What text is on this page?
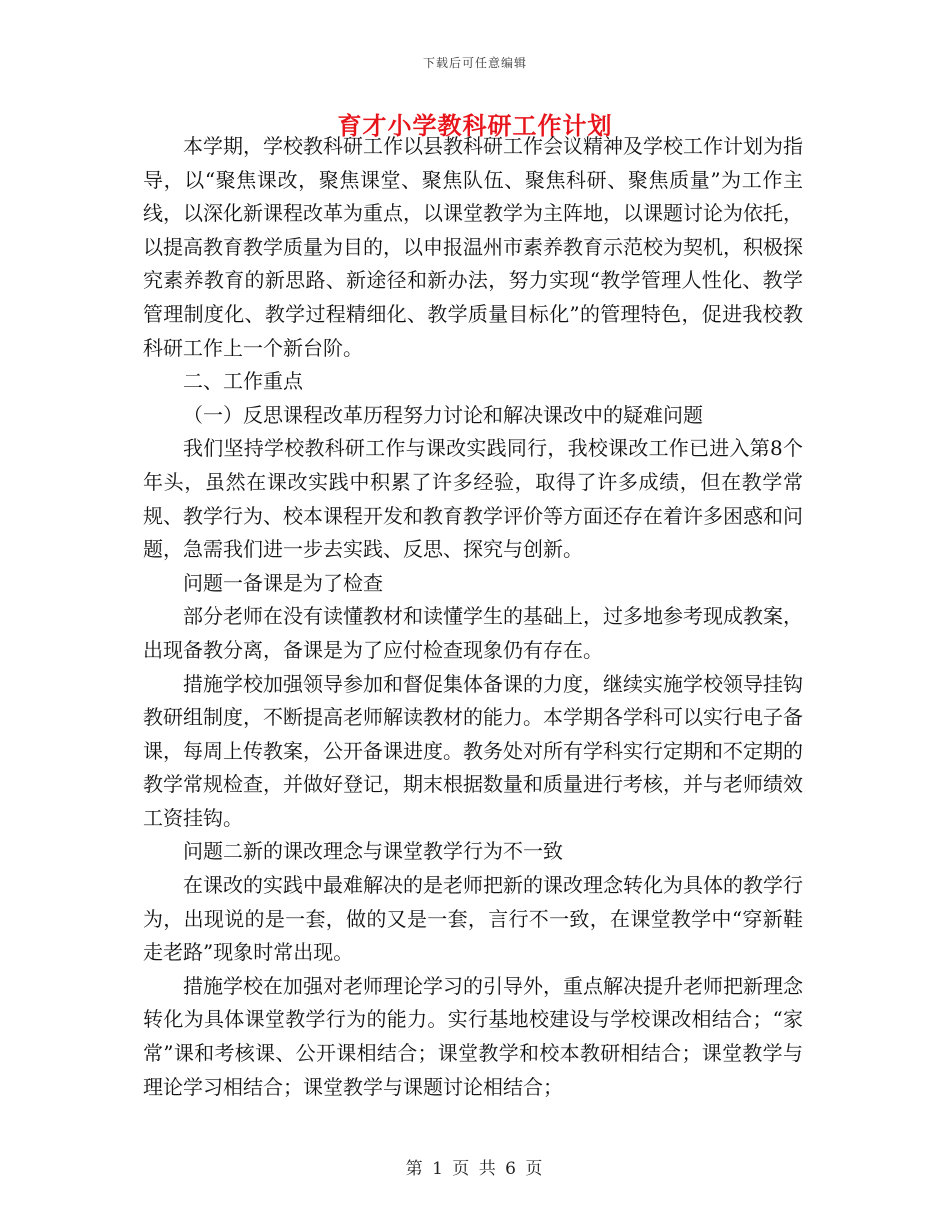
下载后可任意编辑
育才小学教科研工作计划

本学期，学校教科研工作以县教科研工作会议精神及学校工作计划为指导，以“聚焦课改，聚焦课堂、聚焦队伍、聚焦科研、聚焦质量”为工作主线，以深化新课程改革为重点，以课堂教学为主阵地，以课题讨论为依托，以提高教育教学质量为目的，以申报温州市素养教育示范校为契机，积极探究素养教育的新思路、新途径和新办法，努力实现“教学管理人性化、教学管理制度化、教学过程精细化、教学质量目标化”的管理特色，促进我校教科研工作上一个新台阶。

二、工作重点

（一）反思课程改革历程努力讨论和解决课改中的疑难问题

我们坚持学校教科研工作与课改实践同行，我校课改工作已进入第8个年头，虽然在课改实践中积累了许多经验，取得了许多成绩，但在教学常规、教学行为、校本课程开发和教育教学评价等方面还存在着许多困惑和问题，急需我们进一步去实践、反思、探究与创新。

问题一备课是为了检查

部分老师在没有读懂教材和读懂学生的基础上，过多地参考现成教案，出现备教分离，备课是为了应付检查现象仍有存在。

措施学校加强领导参加和督促集体备课的力度，继续实施学校领导挂钩教研组制度，不断提高老师解读教材的能力。本学期各学科可以实行电子备课，每周上传教案，公开备课进度。教务处对所有学科实行定期和不定期的教学常规检查，并做好登记，期末根据数量和质量进行考核，并与老师绩效工资挂钩。

问题二新的课改理念与课堂教学行为不一致

在课改的实践中最难解决的是老师把新的课改理念转化为具体的教学行为，出现说的是一套，做的又是一套，言行不一致，在课堂教学中“穿新鞋走老路”现象时常出现。

措施学校在加强对老师理论学习的引导外，重点解决提升老师把新理念转化为具体课堂教学行为的能力。实行基地校建设与学校课改相结合；“家常”课和考核课、公开课相结合；课堂教学和校本教研相结合；课堂教学与理论学习相结合；课堂教学与课题讨论相结合；

第 1 页 共 6 页
